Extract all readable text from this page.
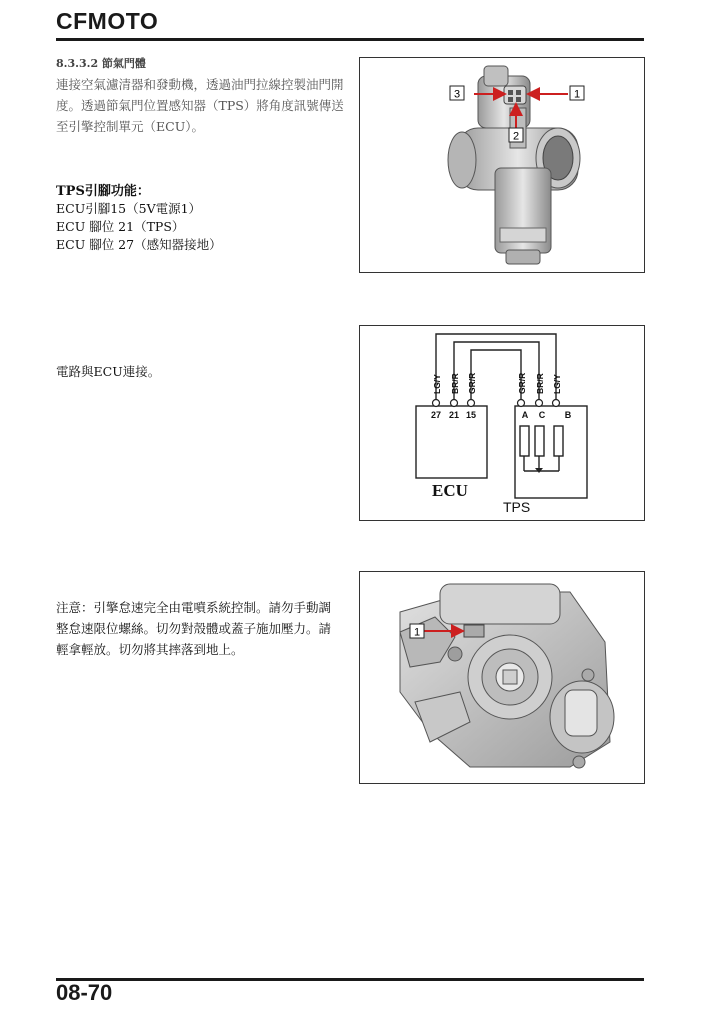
CFMOTO
8.3.3.2 節氣門體
連接空氣濾清器和發動機，透過油門拉線控製油門開度。透過節氣門位置感知器（TPS）將角度訊號傳送至引擎控制單元（ECU）。
TPS引腳功能：
ECU引腳15（5V電源1）
ECU 腳位 21（TPS）
ECU 腳位 27（感知器接地）
電路與ECU連接。
注意：引擎怠速完全由電噴系統控制。請勿手動調整怠速限位螺絲。切勿對殼體或蓋子施加壓力。請輕拿輕放。切勿將其摔落到地上。
3	1
2
LG/Y BR/R GR/R	GR/R BR/R LG/Y
27 21 15	A C B
ECU
TPS
1
08-70
